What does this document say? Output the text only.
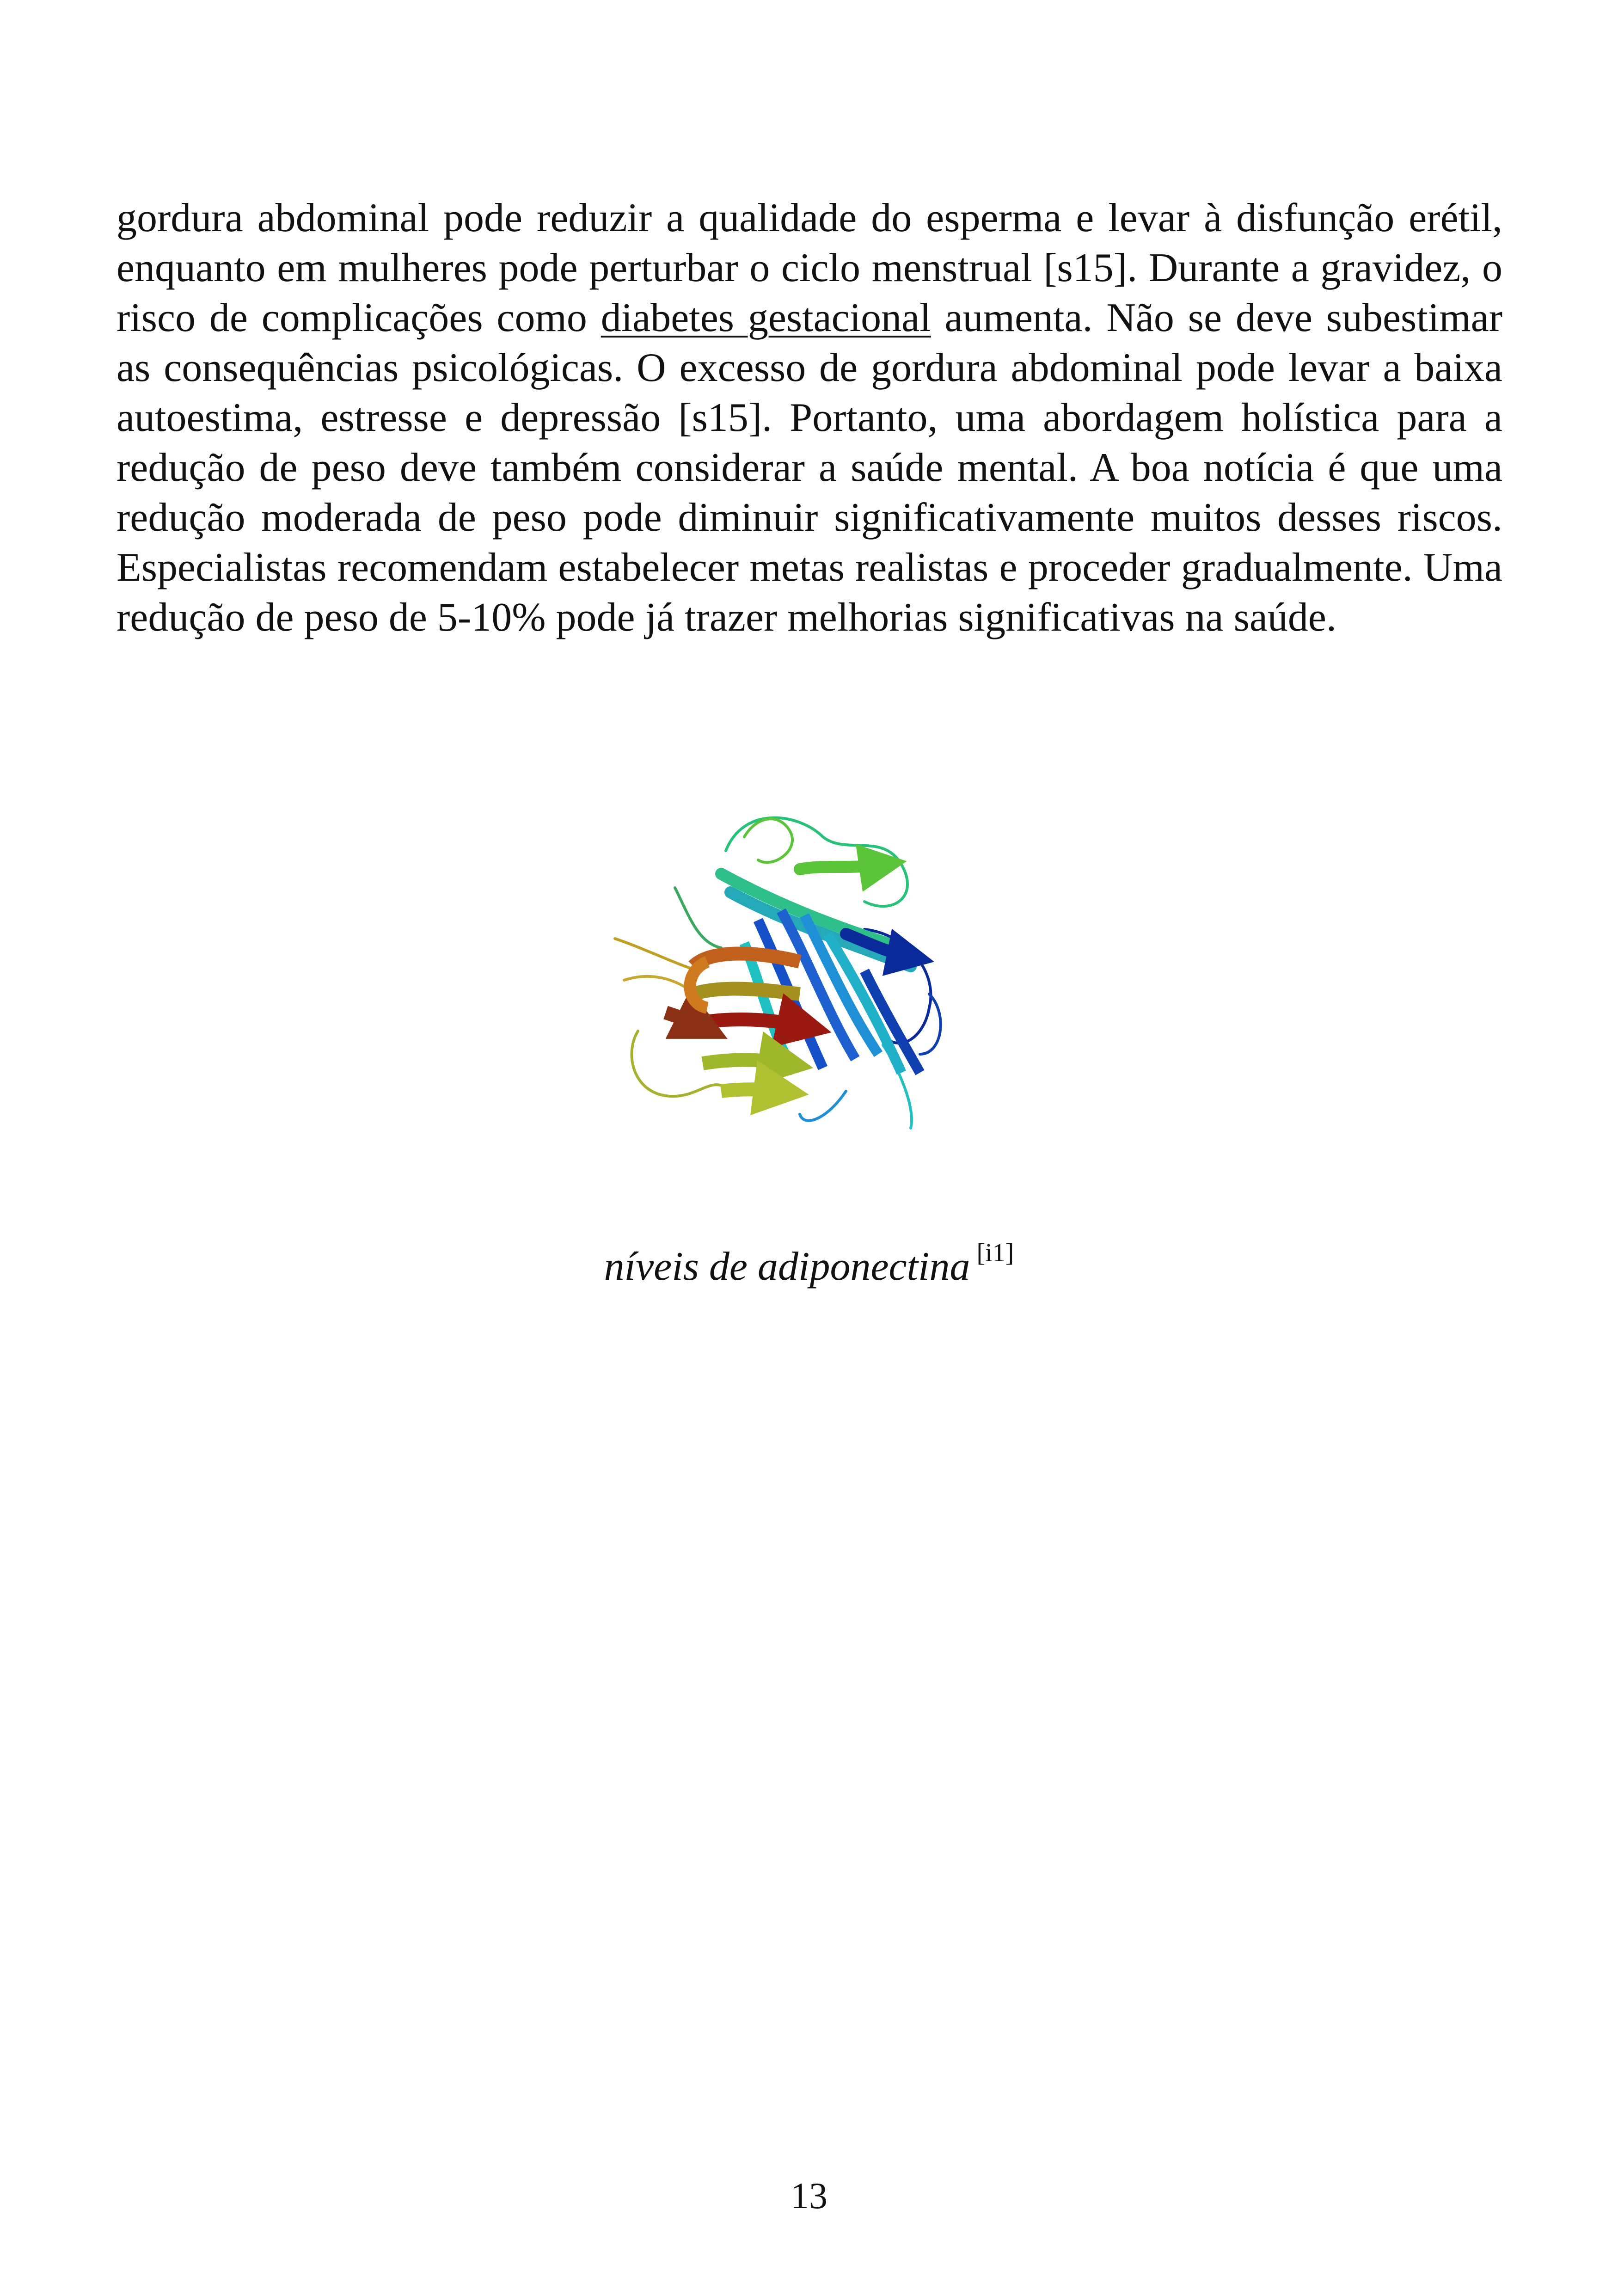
gordura abdominal pode reduzir a qualidade do esperma e levar à disfunção erétil, enquanto em mulheres pode perturbar o ciclo menstrual [s15]. Durante a gravidez, o risco de complicações como diabetes gestacional aumenta. Não se deve subestimar as consequências psicológicas. O excesso de gordura abdominal pode levar a baixa autoestima, estresse e depressão [s15]. Portanto, uma abordagem holística para a redução de peso deve também considerar a saúde mental. A boa notícia é que uma redução moderada de peso pode diminuir significativamente muitos desses riscos. Especialistas recomendam estabelecer metas realistas e proceder gradualmente. Uma redução de peso de 5-10% pode já trazer melhorias significativas na saúde.

níveis de adiponectina [i1]
13
